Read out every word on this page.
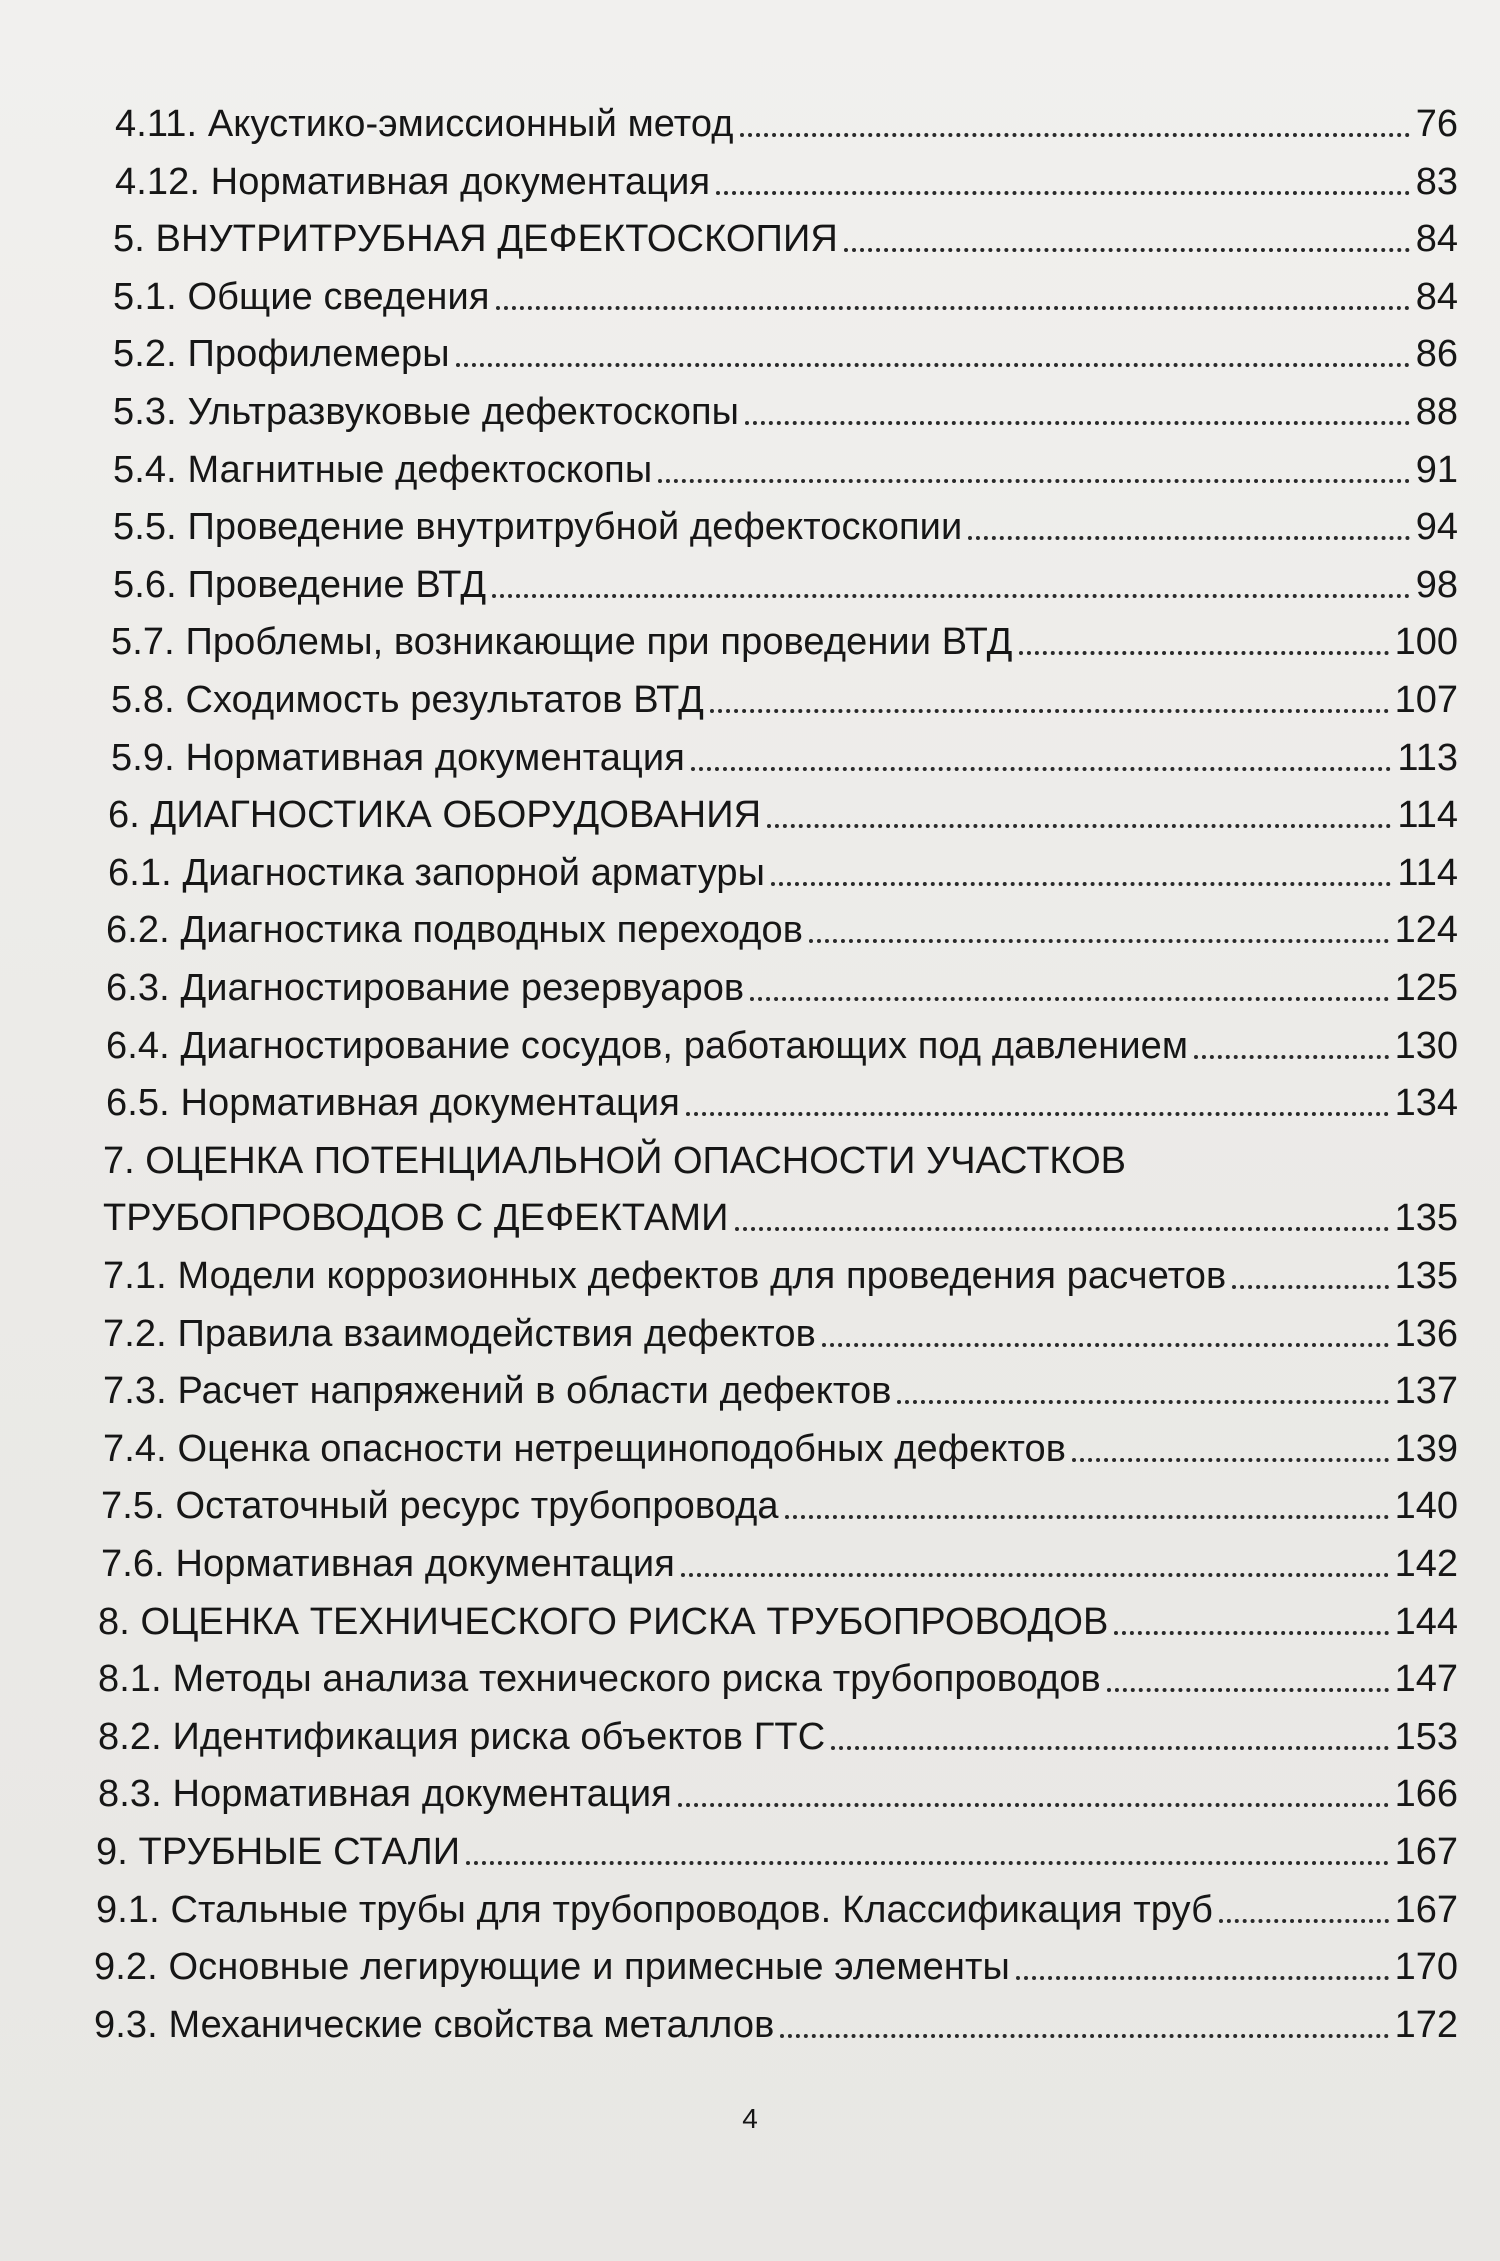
4.11. Акустико-эмиссионный метод	76
4.12. Нормативная документация	83
5. ВНУТРИТРУБНАЯ ДЕФЕКТОСКОПИЯ	84
5.1. Общие сведения	84
5.2. Профилемеры	86
5.3. Ультразвуковые дефектоскопы	88
5.4. Магнитные дефектоскопы	91
5.5. Проведение внутритрубной дефектоскопии	94
5.6. Проведение ВТД	98
5.7. Проблемы, возникающие при проведении ВТД	100
5.8. Сходимость результатов ВТД	107
5.9. Нормативная документация	113
6. ДИАГНОСТИКА ОБОРУДОВАНИЯ	114
6.1. Диагностика запорной арматуры	114
6.2. Диагностика подводных переходов	124
6.3. Диагностирование резервуаров	125
6.4. Диагностирование сосудов, работающих под давлением	130
6.5. Нормативная документация	134
7. ОЦЕНКА ПОТЕНЦИАЛЬНОЙ ОПАСНОСТИ УЧАСТКОВ
ТРУБОПРОВОДОВ С ДЕФЕКТАМИ	135
7.1. Модели коррозионных дефектов для проведения расчетов	135
7.2. Правила взаимодействия дефектов	136
7.3. Расчет напряжений в области дефектов	137
7.4. Оценка опасности нетрещиноподобных дефектов	139
7.5. Остаточный ресурс трубопровода	140
7.6. Нормативная документация	142
8. ОЦЕНКА ТЕХНИЧЕСКОГО РИСКА ТРУБОПРОВОДОВ	144
8.1. Методы анализа технического риска трубопроводов	147
8.2. Идентификация риска объектов ГТС	153
8.3. Нормативная документация	166
9. ТРУБНЫЕ СТАЛИ	167
9.1. Стальные трубы для трубопроводов. Классификация труб	167
9.2. Основные легирующие и примесные элементы	170
9.3. Механические свойства металлов	172
4
